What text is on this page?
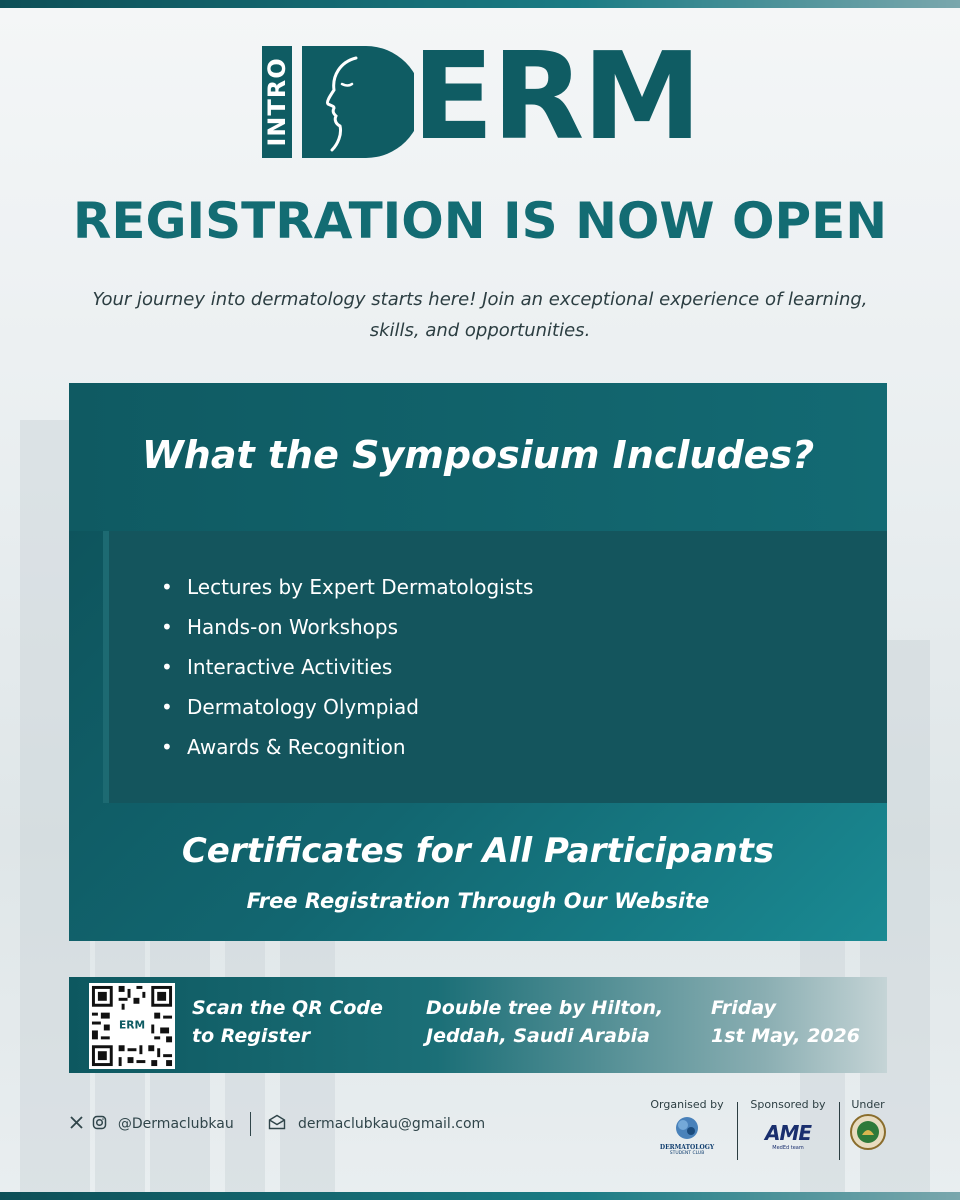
INTRO ERM
REGISTRATION IS NOW OPEN
Your journey into dermatology starts here! Join an exceptional experience of learning, skills, and opportunities.
What the Symposium Includes?
• Lectures by Expert Dermatologists
• Hands-on Workshops
• Interactive Activities
• Dermatology Olympiad
• Awards & Recognition
Certificates for All Participants
Free Registration Through Our Website
ERM
Scan the QR Code
to Register
Double tree by Hilton,
Jeddah, Saudi Arabia
Friday
1st May, 2026
@Dermaclubkau	dermaclubkau@gmail.com
Organised by
DERMATOLOGY
STUDENT CLUB
Sponsored by
AME
MedEd team
Under
